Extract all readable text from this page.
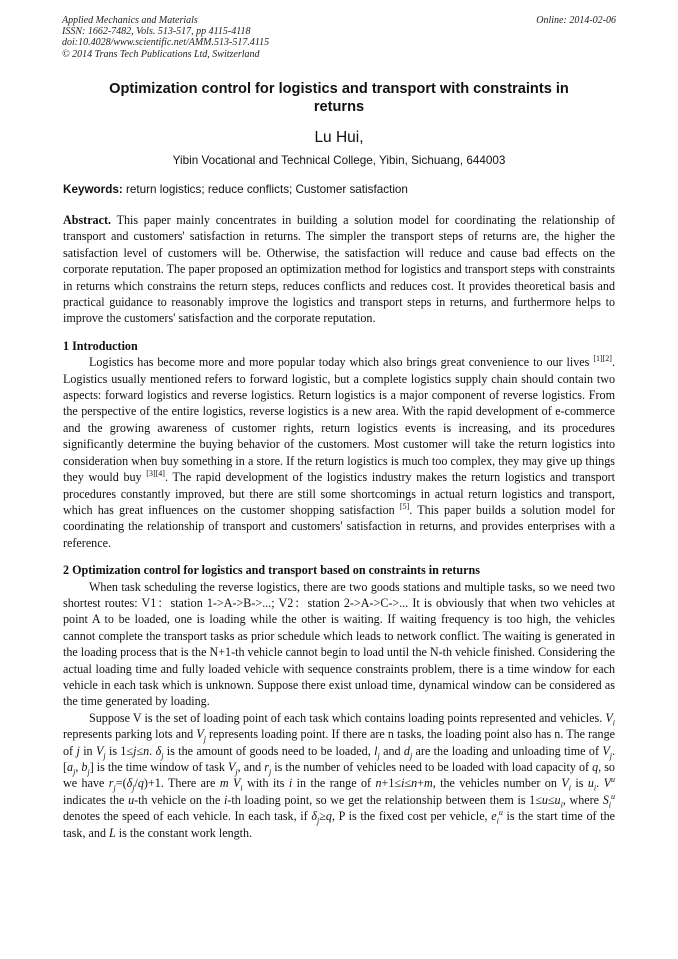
Applied Mechanics and Materials
ISSN: 1662-7482, Vols. 513-517, pp 4115-4118
doi:10.4028/www.scientific.net/AMM.513-517.4115
© 2014 Trans Tech Publications Ltd, Switzerland
Online: 2014-02-06
Optimization control for logistics and transport with constraints in returns
Lu Hui,
Yibin Vocational and Technical College, Yibin, Sichuang, 644003
Keywords: return logistics; reduce conflicts; Customer satisfaction

Abstract. This paper mainly concentrates in building a solution model for coordinating the relationship of transport and customers' satisfaction in returns. The simpler the transport steps of returns are, the higher the satisfaction level of customers will be. Otherwise, the satisfaction will reduce and cause bad effects on the corporate reputation. The paper proposed an optimization method for logistics and transport steps with constraints in returns which constrains the return steps, reduces conflicts and reduces cost. It provides theoretical basis and practical guidance to reasonably improve the logistics and transport steps in returns, and furthermore helps to improve the customers' satisfaction and the corporate reputation.

1 Introduction

Logistics has become more and more popular today which also brings great convenience to our lives [1][2]. Logistics usually mentioned refers to forward logistic, but a complete logistics supply chain should contain two aspects: forward logistics and reverse logistics. Return logistics is a major component of reverse logistics. From the perspective of the entire logistics, reverse logistics is a new area. With the rapid development of e-commerce and the growing awareness of customer rights, return logistics events is increasing, and its procedures significantly determine the buying behavior of the customers. Most customer will take the return logistics into consideration when buy something in a store. If the return logistics is much too complex, they may give up things they would buy [3][4]. The rapid development of the logistics industry makes the return logistics and transport procedures constantly improved, but there are still some shortcomings in actual return logistics and transport, which has great influences on the customer shopping satisfaction [5]. This paper builds a solution model for coordinating the relationship of transport and customers' satisfaction in returns, and provides enterprises with a reference.

2 Optimization control for logistics and transport based on constraints in returns

When task scheduling the reverse logistics, there are two goods stations and multiple tasks, so we need two shortest routes: V1：station 1->A->B->...; V2：station 2->A->C->... It is obviously that when two vehicles at point A to be loaded, one is loading while the other is waiting. If waiting frequency is too high, the vehicles cannot complete the transport tasks as prior schedule which leads to network conflict. The waiting is generated in the loading process that is the N+1-th vehicle cannot begin to load until the N-th vehicle finished. Considering the actual loading time and fully loaded vehicle with sequence constraints problem, there is a time window for each vehicle in each task which is unknown. Suppose there exist unload time, dynamical window can be considered as the time generated by loading.

Suppose V is the set of loading point of each task which contains loading points represented and vehicles. $V_i$ represents parking lots and $V_j$ represents loading point. If there are n tasks, the loading point also has n. The range of j in $V_j$ is 1≤j≤n. $\delta_j$ is the amount of goods need to be loaded, $l_j$ and $d_j$ are the loading and unloading time of $V_j$. [$a_j$, $b_j$] is the time window of task $V_j$, and $r_j$ is the number of vehicles need to be loaded with load capacity of q, so we have $r_j=(\delta_j/q)+1$. There are m $V_i$ with its i in the range of n+1≤i≤n+m, the vehicles number on $V_i$ is $u_i$. $V^u$ indicates the u-th vehicle on the i-th loading point, so we get the relationship between them is $1\le u\le u_i$, where $S_i^u$ denotes the speed of each vehicle. In each task, if $\delta_j\ge q$, P is the fixed cost per vehicle, $e_i^u$ is the start time of the task, and L is the constant work length.
